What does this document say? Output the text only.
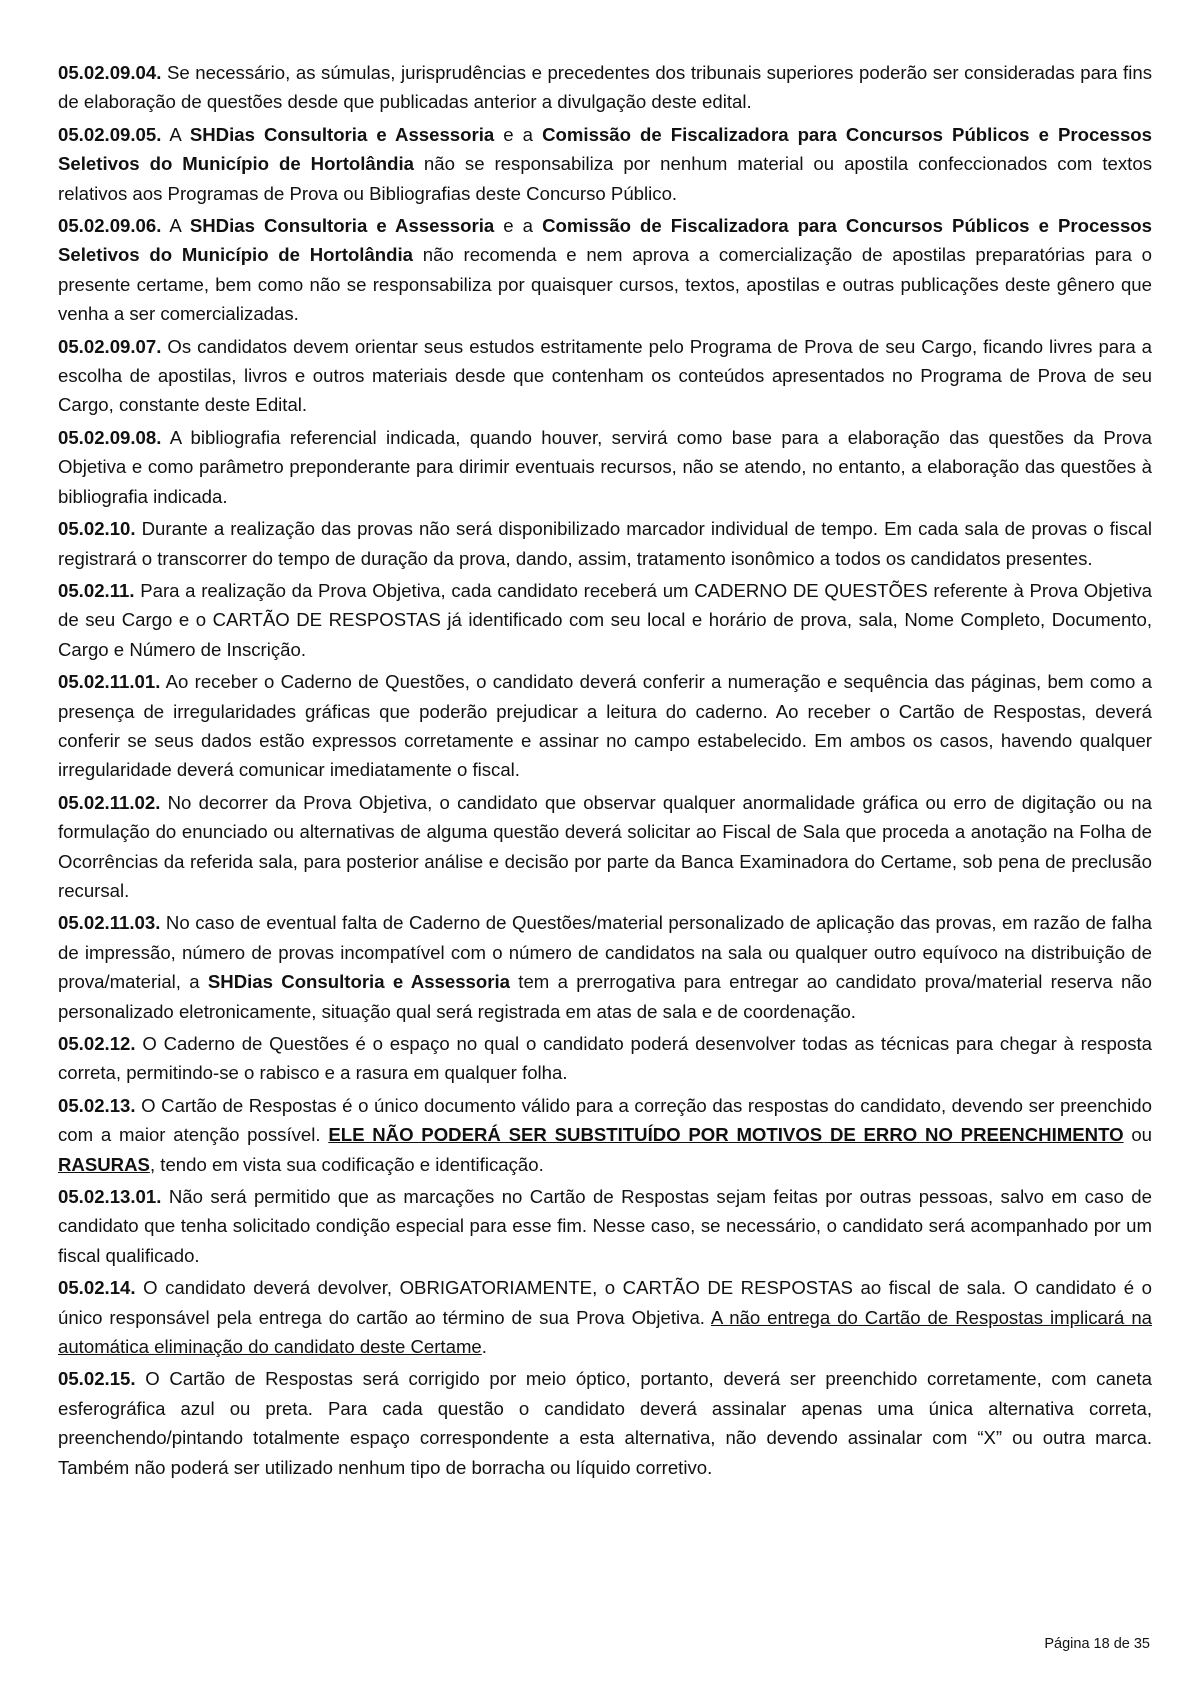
05.02.09.04. Se necessário, as súmulas, jurisprudências e precedentes dos tribunais superiores poderão ser consideradas para fins de elaboração de questões desde que publicadas anterior a divulgação deste edital.

05.02.09.05. A SHDias Consultoria e Assessoria e a Comissão de Fiscalizadora para Concursos Públicos e Processos Seletivos do Município de Hortolândia não se responsabiliza por nenhum material ou apostila confeccionados com textos relativos aos Programas de Prova ou Bibliografias deste Concurso Público.

05.02.09.06. A SHDias Consultoria e Assessoria e a Comissão de Fiscalizadora para Concursos Públicos e Processos Seletivos do Município de Hortolândia não recomenda e nem aprova a comercialização de apostilas preparatórias para o presente certame, bem como não se responsabiliza por quaisquer cursos, textos, apostilas e outras publicações deste gênero que venha a ser comercializadas.

05.02.09.07. Os candidatos devem orientar seus estudos estritamente pelo Programa de Prova de seu Cargo, ficando livres para a escolha de apostilas, livros e outros materiais desde que contenham os conteúdos apresentados no Programa de Prova de seu Cargo, constante deste Edital.

05.02.09.08. A bibliografia referencial indicada, quando houver, servirá como base para a elaboração das questões da Prova Objetiva e como parâmetro preponderante para dirimir eventuais recursos, não se atendo, no entanto, a elaboração das questões à bibliografia indicada.

05.02.10. Durante a realização das provas não será disponibilizado marcador individual de tempo. Em cada sala de provas o fiscal registrará o transcorrer do tempo de duração da prova, dando, assim, tratamento isonômico a todos os candidatos presentes.

05.02.11. Para a realização da Prova Objetiva, cada candidato receberá um CADERNO DE QUESTÕES referente à Prova Objetiva de seu Cargo e o CARTÃO DE RESPOSTAS já identificado com seu local e horário de prova, sala, Nome Completo, Documento, Cargo e Número de Inscrição.

05.02.11.01. Ao receber o Caderno de Questões, o candidato deverá conferir a numeração e sequência das páginas, bem como a presença de irregularidades gráficas que poderão prejudicar a leitura do caderno. Ao receber o Cartão de Respostas, deverá conferir se seus dados estão expressos corretamente e assinar no campo estabelecido. Em ambos os casos, havendo qualquer irregularidade deverá comunicar imediatamente o fiscal.

05.02.11.02. No decorrer da Prova Objetiva, o candidato que observar qualquer anormalidade gráfica ou erro de digitação ou na formulação do enunciado ou alternativas de alguma questão deverá solicitar ao Fiscal de Sala que proceda a anotação na Folha de Ocorrências da referida sala, para posterior análise e decisão por parte da Banca Examinadora do Certame, sob pena de preclusão recursal.

05.02.11.03. No caso de eventual falta de Caderno de Questões/material personalizado de aplicação das provas, em razão de falha de impressão, número de provas incompatível com o número de candidatos na sala ou qualquer outro equívoco na distribuição de prova/material, a SHDias Consultoria e Assessoria tem a prerrogativa para entregar ao candidato prova/material reserva não personalizado eletronicamente, situação qual será registrada em atas de sala e de coordenação.

05.02.12. O Caderno de Questões é o espaço no qual o candidato poderá desenvolver todas as técnicas para chegar à resposta correta, permitindo-se o rabisco e a rasura em qualquer folha.

05.02.13. O Cartão de Respostas é o único documento válido para a correção das respostas do candidato, devendo ser preenchido com a maior atenção possível. ELE NÃO PODERÁ SER SUBSTITUÍDO POR MOTIVOS DE ERRO NO PREENCHIMENTO ou RASURAS, tendo em vista sua codificação e identificação.

05.02.13.01. Não será permitido que as marcações no Cartão de Respostas sejam feitas por outras pessoas, salvo em caso de candidato que tenha solicitado condição especial para esse fim. Nesse caso, se necessário, o candidato será acompanhado por um fiscal qualificado.

05.02.14. O candidato deverá devolver, OBRIGATORIAMENTE, o CARTÃO DE RESPOSTAS ao fiscal de sala. O candidato é o único responsável pela entrega do cartão ao término de sua Prova Objetiva. A não entrega do Cartão de Respostas implicará na automática eliminação do candidato deste Certame.

05.02.15. O Cartão de Respostas será corrigido por meio óptico, portanto, deverá ser preenchido corretamente, com caneta esferográfica azul ou preta. Para cada questão o candidato deverá assinalar apenas uma única alternativa correta, preenchendo/pintando totalmente espaço correspondente a esta alternativa, não devendo assinalar com “X” ou outra marca. Também não poderá ser utilizado nenhum tipo de borracha ou líquido corretivo.

Página 18 de 35
